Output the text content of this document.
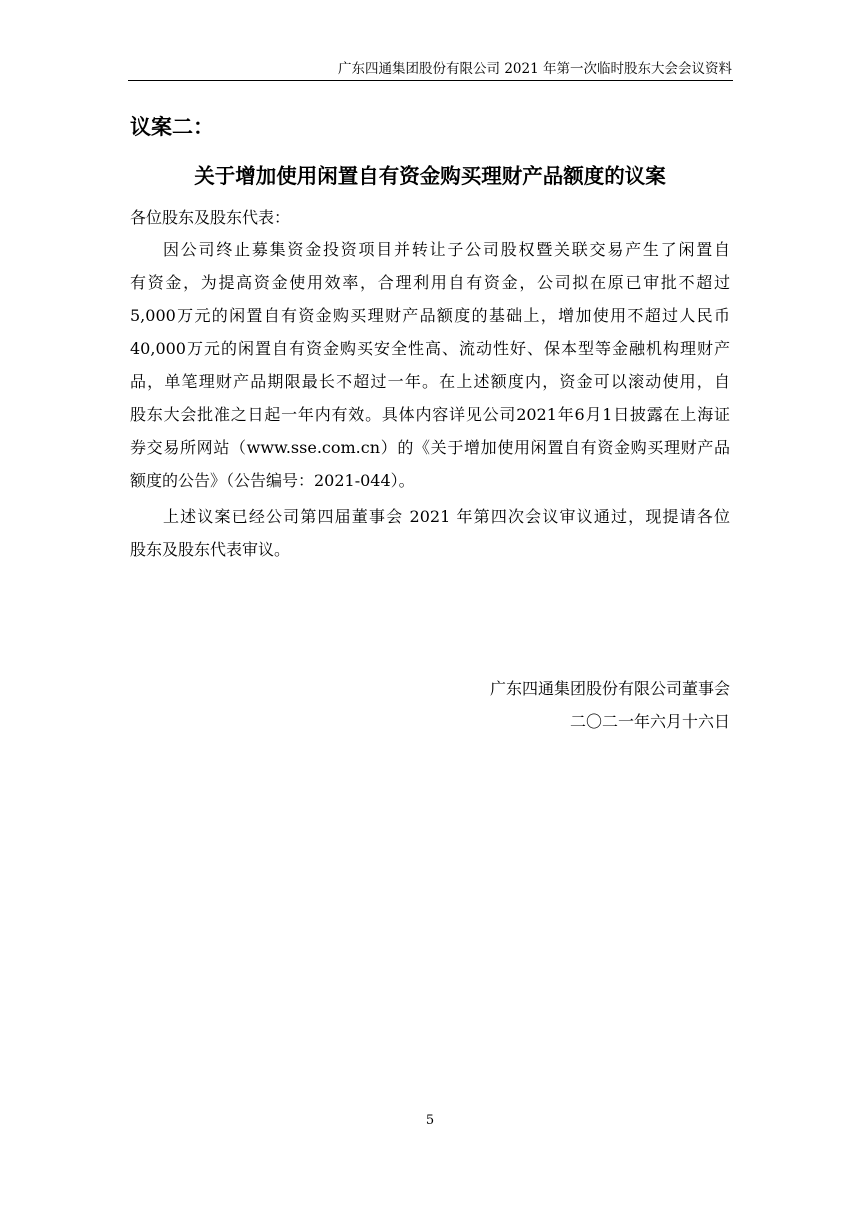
广东四通集团股份有限公司 2021 年第一次临时股东大会会议资料
议案二：
关于增加使用闲置自有资金购买理财产品额度的议案
各位股东及股东代表：
因公司终止募集资金投资项目并转让子公司股权暨关联交易产生了闲置自
有资金，为提高资金使用效率，合理利用自有资金，公司拟在原已审批不超过
5,000万元的闲置自有资金购买理财产品额度的基础上，增加使用不超过人民币
40,000万元的闲置自有资金购买安全性高、流动性好、保本型等金融机构理财产
品，单笔理财产品期限最长不超过一年。在上述额度内，资金可以滚动使用，自
股东大会批准之日起一年内有效。具体内容详见公司2021年6月1日披露在上海证
券交易所网站（www.sse.com.cn）的《关于增加使用闲置自有资金购买理财产品
额度的公告》（公告编号：2021-044）。
上述议案已经公司第四届董事会 2021 年第四次会议审议通过，现提请各位
股东及股东代表审议。
广东四通集团股份有限公司董事会
二〇二一年六月十六日
5
